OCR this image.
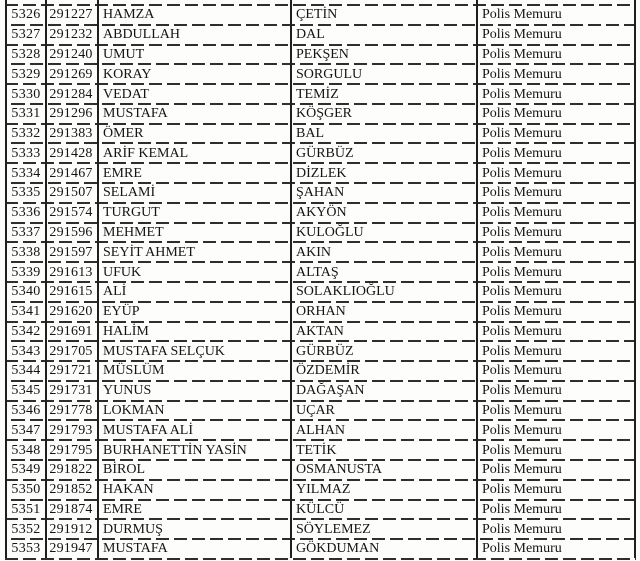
5326 291227 HAMZA	ÇETİN	Polis Memuru
5327 291232 ABDULLAH	DAL	Polis Memuru
5328 291240 UMUT	PEKŞEN	Polis Memuru
5329 291269 KORAY	SORGULU	Polis Memuru
5330 291284 VEDAT	TEMİZ	Polis Memuru
5331 291296 MUSTAFA	KÖŞGER	Polis Memuru
5332 291383 ÖMER	BAL	Polis Memuru
5333 291428 ARİF KEMAL	GÜRBÜZ	Polis Memuru
5334 291467 EMRE	DİZLEK	Polis Memuru
5335 291507 SELAMİ	ŞAHAN	Polis Memuru
5336 291574 TURGUT	AKYÖN	Polis Memuru
5337 291596 MEHMET	KULOĞLU	Polis Memuru
5338 291597 SEYİT AHMET	AKIN	Polis Memuru
5339 291613 UFUK	ALTAŞ	Polis Memuru
5340 291615 ALİ	SOLAKLIOĞLU	Polis Memuru
5341 291620 EYÜP	ORHAN	Polis Memuru
5342 291691 HALİM	AKTAN	Polis Memuru
5343 291705 MUSTAFA SELÇUK	GÜRBÜZ	Polis Memuru
5344 291721 MÜSLÜM	ÖZDEMİR	Polis Memuru
5345 291731 YUNUS	DAĞAŞAN	Polis Memuru
5346 291778 LOKMAN	UÇAR	Polis Memuru
5347 291793 MUSTAFA ALİ	ALHAN	Polis Memuru
5348 291795 BURHANETTİN YASİN	TETİK	Polis Memuru
5349 291822 BİROL	OSMANUSTA	Polis Memuru
5350 291852 HAKAN	YILMAZ	Polis Memuru
5351 291874 EMRE	KÜLCÜ	Polis Memuru
5352 291912 DURMUŞ	SÖYLEMEZ	Polis Memuru
5353 291947 MUSTAFA	GÖKDUMAN	Polis Memuru
